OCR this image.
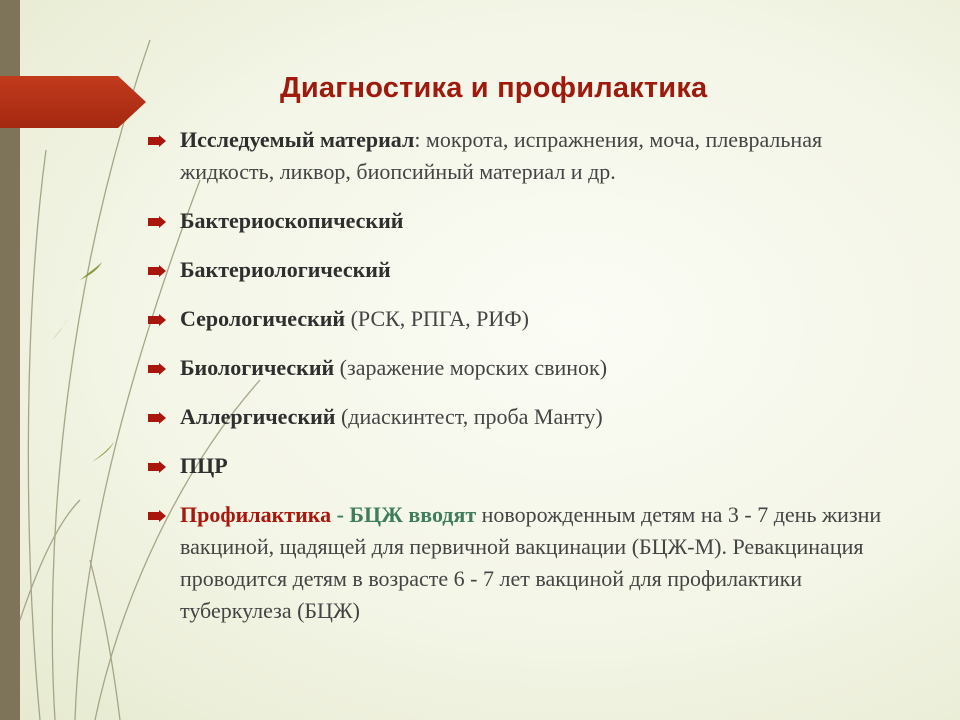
Диагностика и профилактика
Исследуемый материал: мокрота, испражнения, моча, плевральная жидкость, ликвор, биопсийный материал и др.
Бактериоскопический
Бактериологический
Серологический (РСК, РПГА, РИФ)
Биологический (заражение морских свинок)
Аллергический (диаскинтест, проба Манту)
ПЦР
Профилактика - БЦЖ вводят новорожденным детям на 3 - 7 день жизни вакциной, щадящей для первичной вакцинации (БЦЖ-М). Ревакцинация проводится детям в возрасте 6 - 7 лет вакциной для профилактики туберкулеза (БЦЖ)
